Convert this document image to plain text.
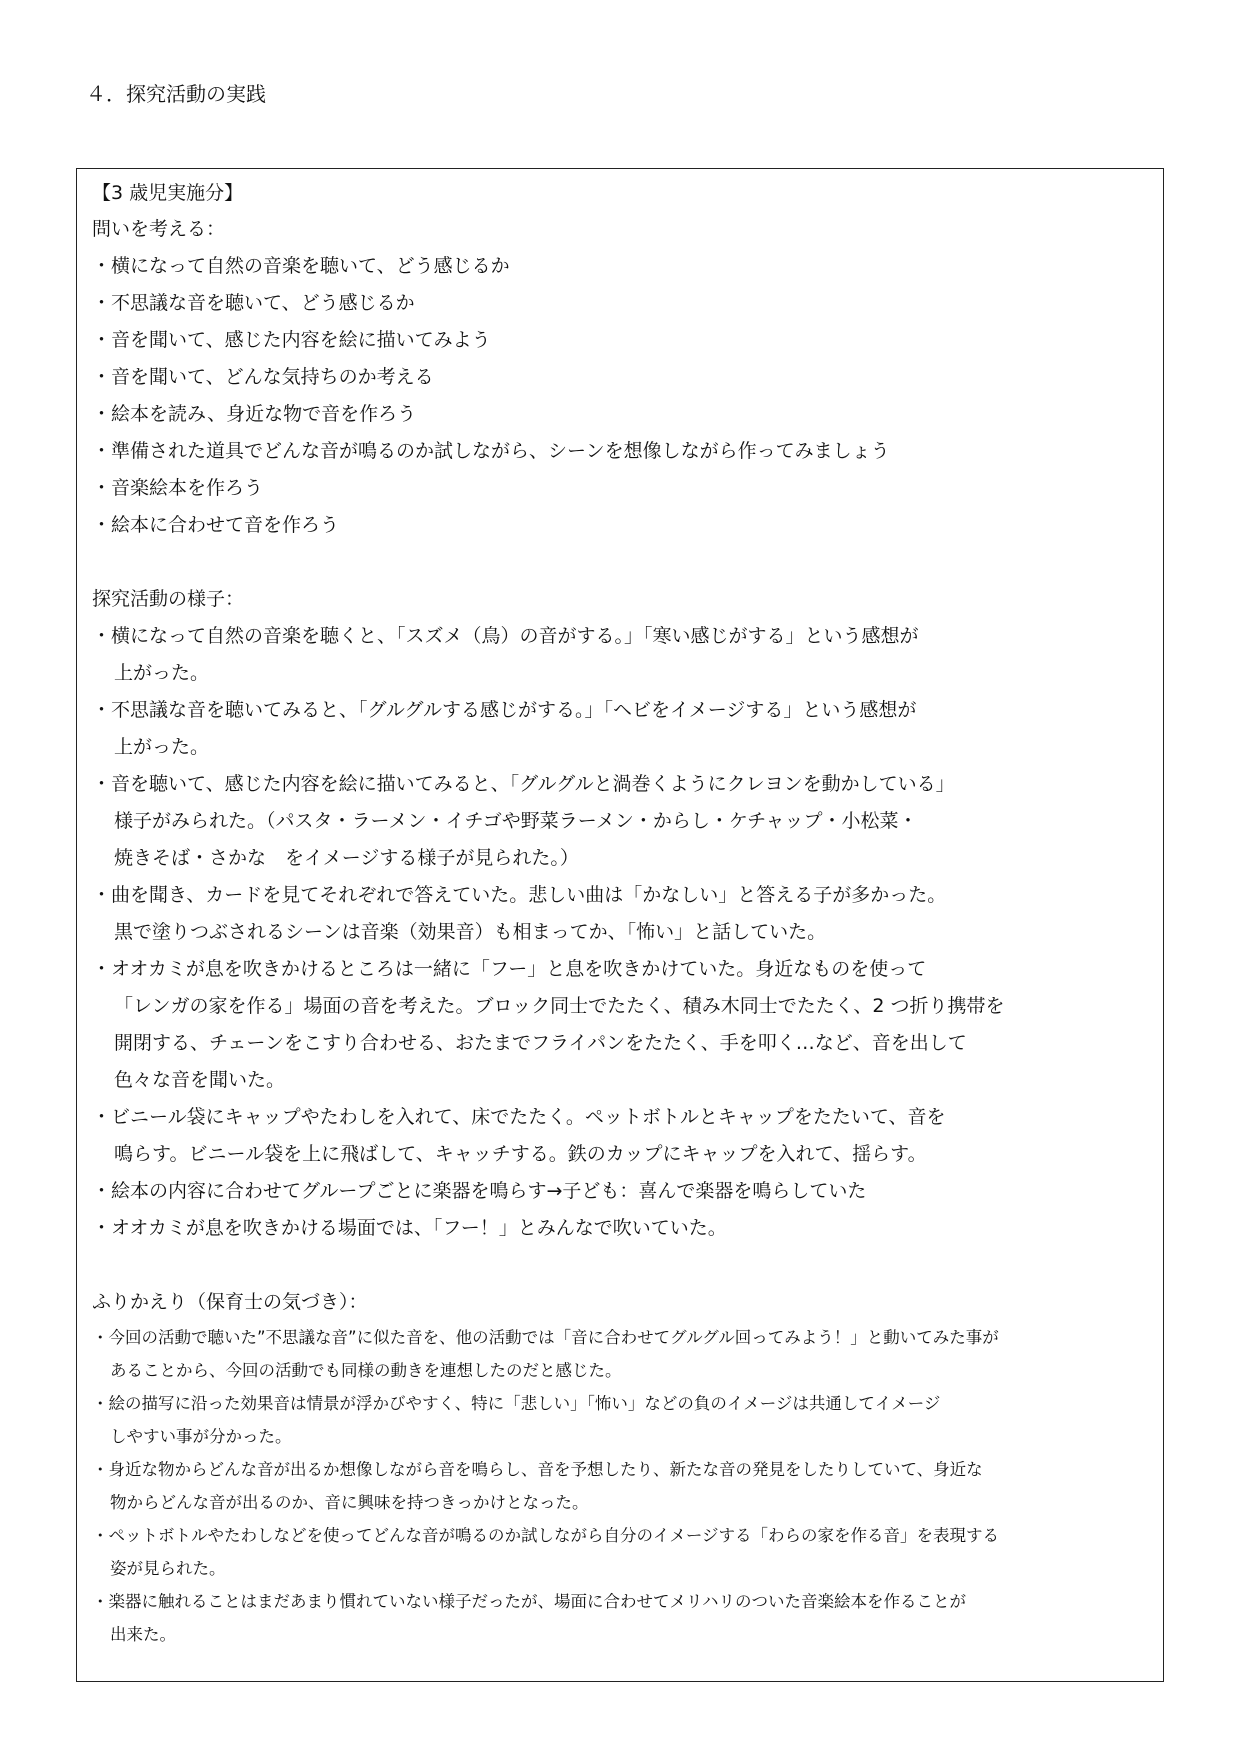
４．探究活動の実践
【3 歳児実施分】
問いを考える：
・横になって自然の音楽を聴いて、どう感じるか
・不思議な音を聴いて、どう感じるか
・音を聞いて、感じた内容を絵に描いてみよう
・音を聞いて、どんな気持ちのか考える
・絵本を読み、身近な物で音を作ろう
・準備された道具でどんな音が鳴るのか試しながら、シーンを想像しながら作ってみましょう
・音楽絵本を作ろう
・絵本に合わせて音を作ろう
探究活動の様子：
・横になって自然の音楽を聴くと、「スズメ（鳥）の音がする。」「寒い感じがする」という感想が
上がった。
・不思議な音を聴いてみると、「グルグルする感じがする。」「ヘビをイメージする」という感想が
上がった。
・音を聴いて、感じた内容を絵に描いてみると、「グルグルと渦巻くようにクレヨンを動かしている」
様子がみられた。（パスタ・ラーメン・イチゴや野菜ラーメン・からし・ケチャップ・小松菜・
焼きそば・さかな　をイメージする様子が見られた。）
・曲を聞き、カードを見てそれぞれで答えていた。悲しい曲は「かなしい」と答える子が多かった。
黒で塗りつぶされるシーンは音楽（効果音）も相まってか、「怖い」と話していた。
・オオカミが息を吹きかけるところは一緒に「フー」と息を吹きかけていた。身近なものを使って
「レンガの家を作る」場面の音を考えた。ブロック同士でたたく、積み木同士でたたく、2 つ折り携帯を
開閉する、チェーンをこすり合わせる、おたまでフライパンをたたく、手を叩く…など、音を出して
色々な音を聞いた。
・ビニール袋にキャップやたわしを入れて、床でたたく。ペットボトルとキャップをたたいて、音を
鳴らす。ビニール袋を上に飛ばして、キャッチする。鉄のカップにキャップを入れて、揺らす。
・絵本の内容に合わせてグループごとに楽器を鳴らす→子ども：喜んで楽器を鳴らしていた
・オオカミが息を吹きかける場面では、「フー！」とみんなで吹いていた。
ふりかえり（保育士の気づき）：
・今回の活動で聴いた”不思議な音”に似た音を、他の活動では「音に合わせてグルグル回ってみよう！」と動いてみた事が
あることから、今回の活動でも同様の動きを連想したのだと感じた。
・絵の描写に沿った効果音は情景が浮かびやすく、特に「悲しい」「怖い」などの負のイメージは共通してイメージ
しやすい事が分かった。
・身近な物からどんな音が出るか想像しながら音を鳴らし、音を予想したり、新たな音の発見をしたりしていて、身近な
物からどんな音が出るのか、音に興味を持つきっかけとなった。
・ペットボトルやたわしなどを使ってどんな音が鳴るのか試しながら自分のイメージする「わらの家を作る音」を表現する
姿が見られた。
・楽器に触れることはまだあまり慣れていない様子だったが、場面に合わせてメリハリのついた音楽絵本を作ることが
出来た。
